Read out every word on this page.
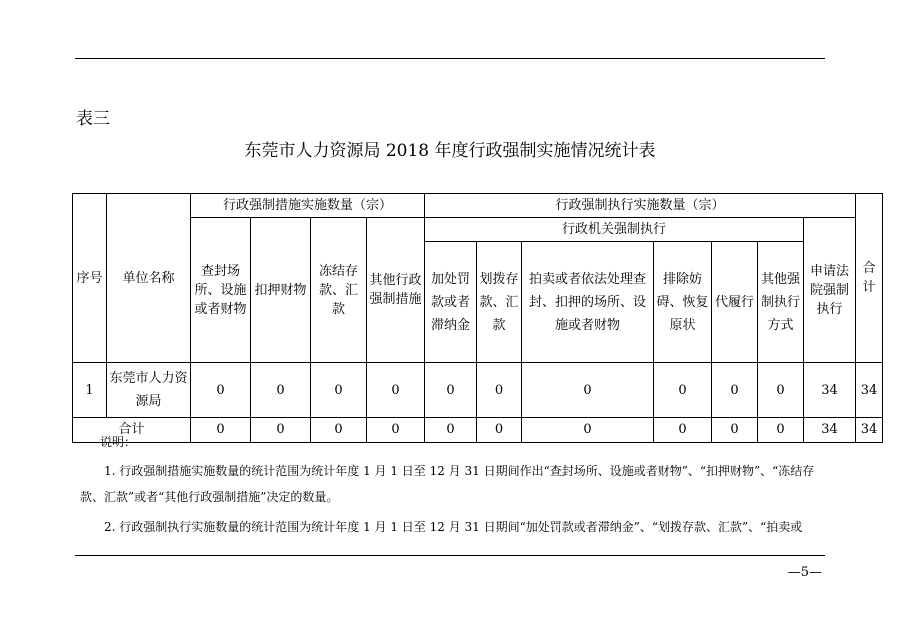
表三
东莞市人力资源局 2018 年度行政强制实施情况统计表
序号	单位名称	行政强制措施实施数量（宗）				行政强制执行实施数量（宗）							合计
		查封场所、设施或者财物	扣押财物	冻结存款、汇款	其他行政强制措施	行政机关强制执行						申请法院强制执行	
						加处罚款或者滞纳金	划拨存款、汇款	拍卖或者依法处理查封、扣押的场所、设施或者财物	排除妨碍、恢复原状	代履行	其他强制执行方式		
1	东莞市人力资源局	0	0	0	0	0	0	0	0	0	0	34	34
合计		0	0	0	0	0	0	0	0	0	0	34	34
说明：
1. 行政强制措施实施数量的统计范围为统计年度 1 月 1 日至 12 月 31 日期间作出“查封场所、设施或者财物”、“扣押财物”、“冻结存款、汇款”或者“其他行政强制措施”决定的数量。
2. 行政强制执行实施数量的统计范围为统计年度 1 月 1 日至 12 月 31 日期间“加处罚款或者滞纳金”、“划拨存款、汇款”、“拍卖或
—5—
